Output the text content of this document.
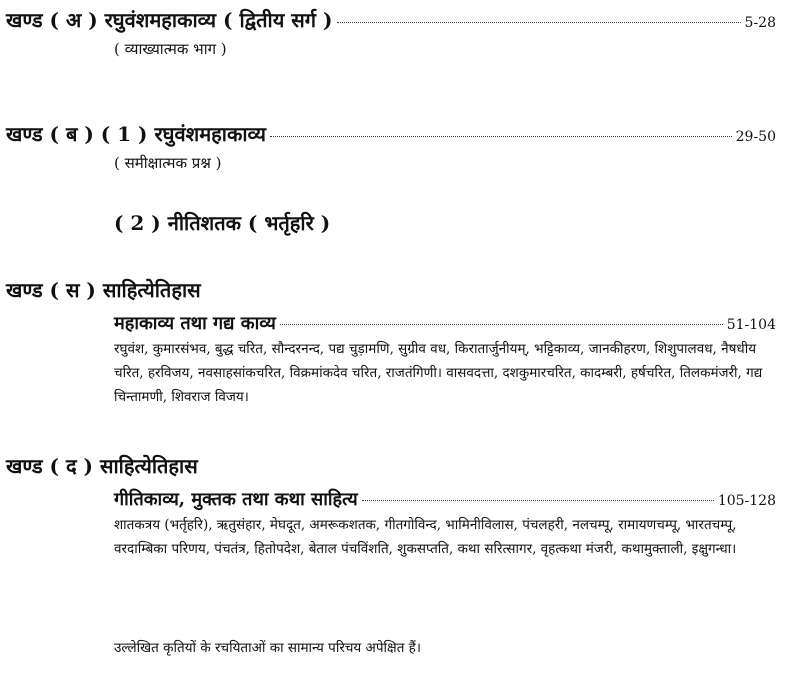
खण्ड ( अ ) रघुवंशमहाकाव्य ( द्वितीय सर्ग )	5-28
( व्याख्यात्मक भाग )
खण्ड ( ब ) ( 1 ) रघुवंशमहाकाव्य	29-50
( समीक्षात्मक प्रश्न )
( 2 ) नीतिशतक ( भर्तृहरि )
खण्ड ( स ) साहित्येतिहास
महाकाव्य तथा गद्य काव्य	51-104
रघुवंश, कुमारसंभव, बुद्ध चरित, सौन्दरनन्द, पद्य चुड़ामणि, सुग्रीव वध, किरातार्जुनीयम्, भट्टिकाव्य, जानकीहरण, शिशुपालवध, नैषधीय चरित, हरविजय, नवसाहसांकचरित, विक्रमांकदेव चरित, राजतंगिणी। वासवदत्ता, दशकुमारचरित, कादम्बरी, हर्षचरित, तिलकमंजरी, गद्य चिन्तामणी, शिवराज विजय।
खण्ड ( द ) साहित्येतिहास
गीतिकाव्य, मुक्तक तथा कथा साहित्य	105-128
शातकत्रय (भर्तृहरि), ऋतुसंहार, मेघदूत, अमरूकशतक, गीतगोविन्द, भामिनीविलास, पंचलहरी, नलचम्पू, रामायणचम्पू, भारतचम्पू, वरदाम्बिका परिणय, पंचतंत्र, हितोपदेश, बेताल पंचविंशति, शुकसप्तति, कथा सरित्सागर, वृहत्कथा मंजरी, कथामुक्ताली, इक्षुगन्धा।
उल्लेखित कृतियों के रचयिताओं का सामान्य परिचय अपेक्षित हैं।
